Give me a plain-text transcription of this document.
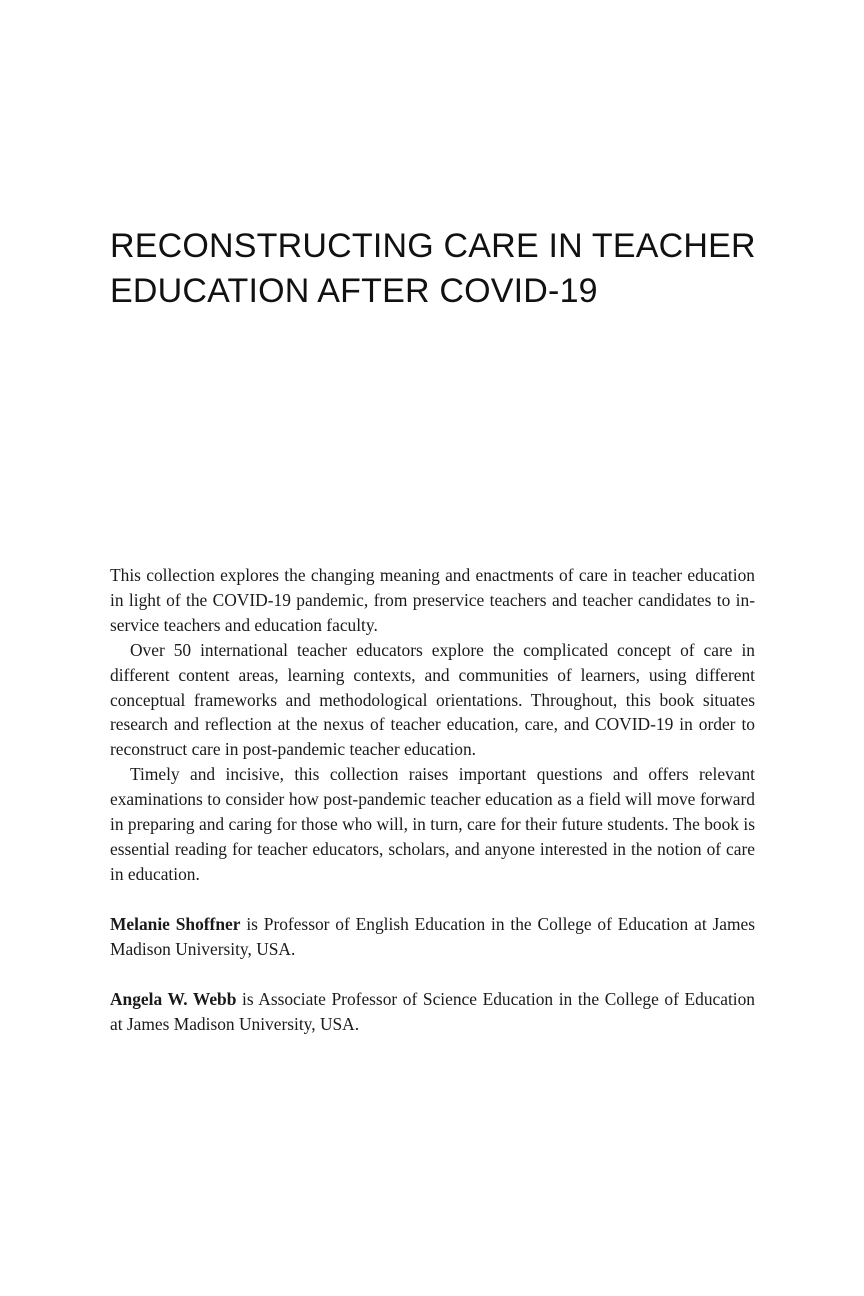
RECONSTRUCTING CARE IN TEACHER
EDUCATION AFTER COVID-19

This collection explores the changing meaning and enactments of care in teacher education in light of the COVID-19 pandemic, from preservice teachers and teacher candidates to in-service teachers and education faculty.

Over 50 international teacher educators explore the complicated concept of care in different content areas, learning contexts, and communities of learners, using different conceptual frameworks and methodological orientations. Throughout, this book situates research and reflection at the nexus of teacher education, care, and COVID-19 in order to reconstruct care in post-pandemic teacher education.

Timely and incisive, this collection raises important questions and offers relevant examinations to consider how post-pandemic teacher education as a field will move forward in preparing and caring for those who will, in turn, care for their future students. The book is essential reading for teacher educators, scholars, and anyone interested in the notion of care in education.

Melanie Shoffner is Professor of English Education in the College of Education at James Madison University, USA.

Angela W. Webb is Associate Professor of Science Education in the College of Education at James Madison University, USA.
